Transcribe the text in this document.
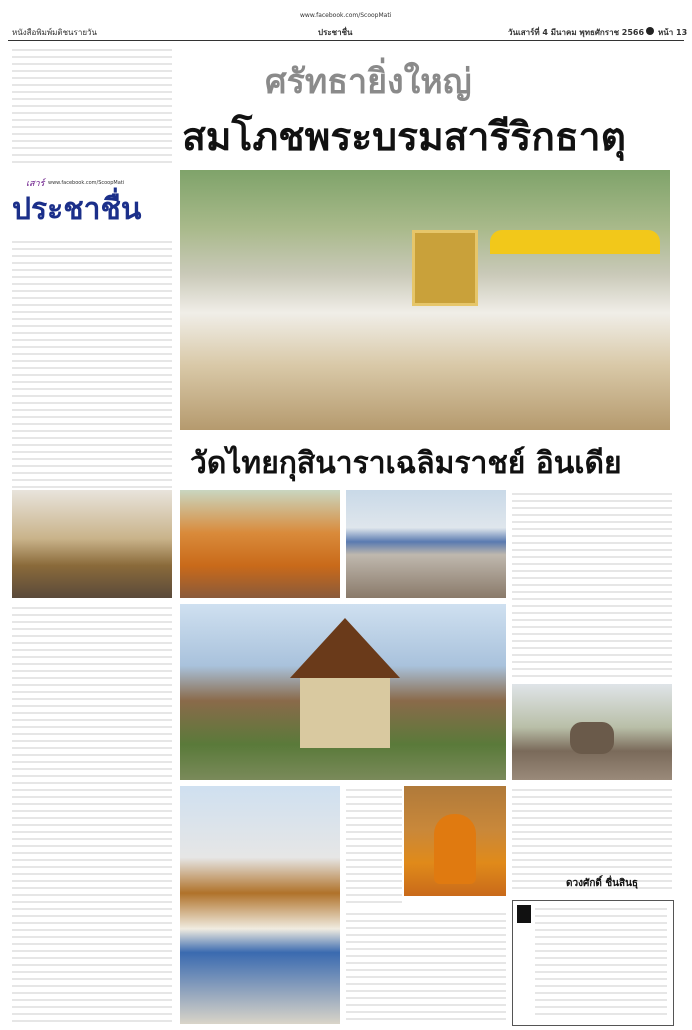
www.facebook.com/ScoopMati
หนังสือพิมพ์มติชนรายวัน	ประชาชื่น	วันเสาร์ที่ 4 มีนาคม พุทธศักราช 2566 หน้า 13
ศรัทธายิ่งใหญ่
สมโภชพระบรมสารีริกธาตุ
เสาร์ www.facebook.com/ScoopMati
ประชาชื่น
วัดไทยกุสินาราเฉลิมราชย์ อินเดีย
ดวงศักดิ์ ชื่นสินธุ
